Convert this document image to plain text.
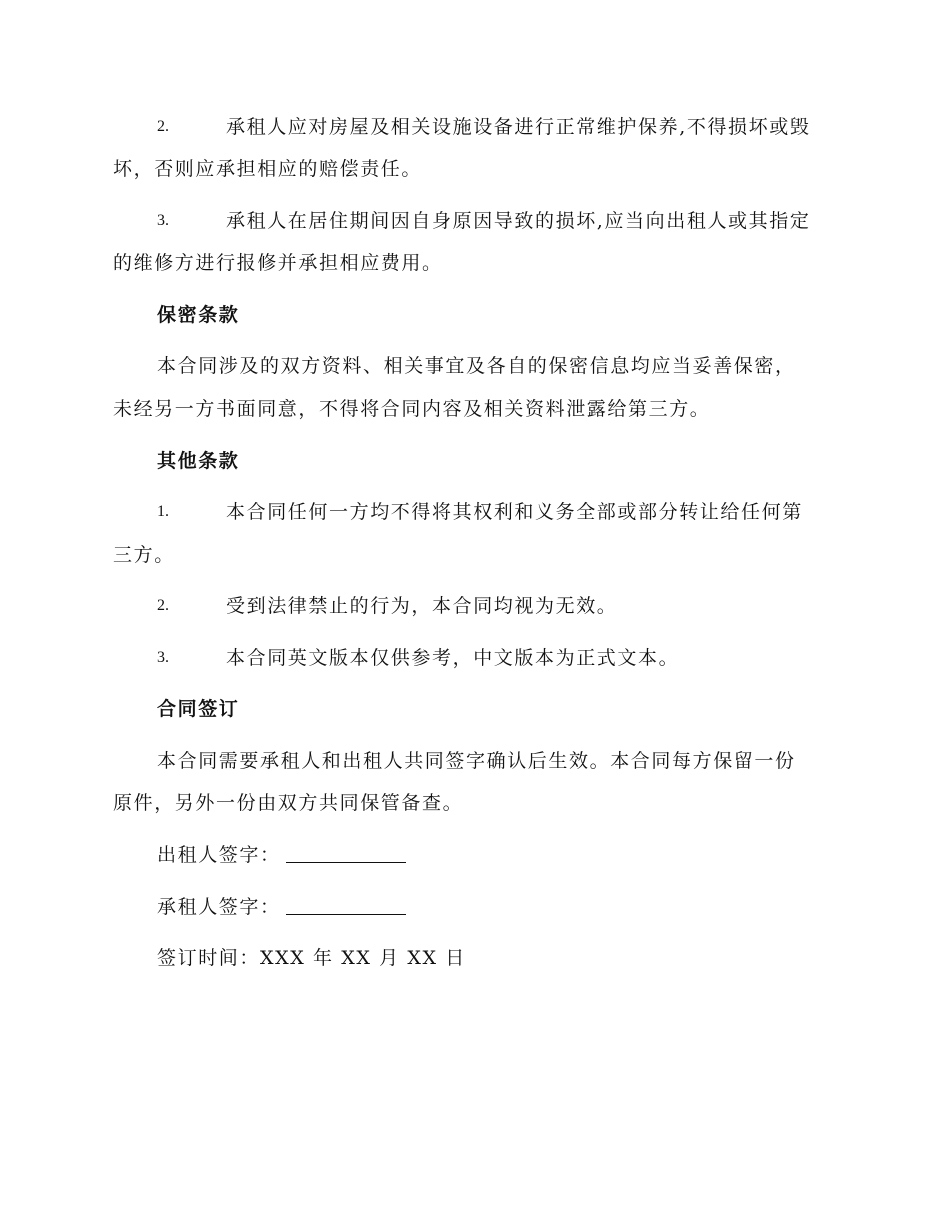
2.	承租人应对房屋及相关设施设备进行正常维护保养,不得损坏或毁
坏，否则应承担相应的赔偿责任。
3.	承租人在居住期间因自身原因导致的损坏,应当向出租人或其指定
的维修方进行报修并承担相应费用。
保密条款
本合同涉及的双方资料、相关事宜及各自的保密信息均应当妥善保密，
未经另一方书面同意，不得将合同内容及相关资料泄露给第三方。
其他条款
1.	本合同任何一方均不得将其权利和义务全部或部分转让给任何第
三方。
2.	受到法律禁止的行为，本合同均视为无效。
3.	本合同英文版本仅供参考，中文版本为正式文本。
合同签订
本合同需要承租人和出租人共同签字确认后生效。本合同每方保留一份
原件，另外一份由双方共同保管备查。
出租人签字：
承租人签字：
签订时间：XXX 年 XX 月 XX 日
